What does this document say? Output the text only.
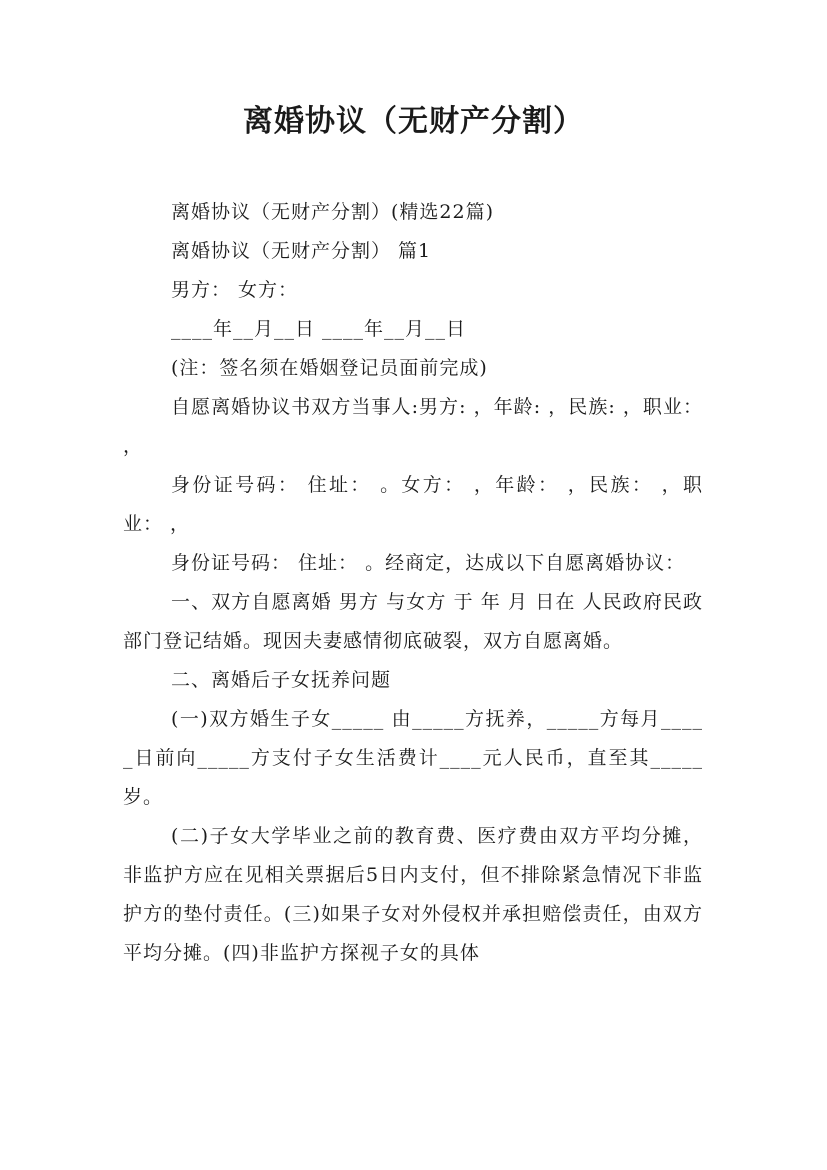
离婚协议（无财产分割）

离婚协议（无财产分割）(精选22篇)

离婚协议（无财产分割） 篇1

男方： 女方：

____年__月__日 ____年__月__日

(注：签名须在婚姻登记员面前完成)

自愿离婚协议书双方当事人:男方: ，年龄: ，民族: ，职业： ，

身份证号码： 住址： 。女方： ，年龄： ，民族： ，职业： ，

身份证号码： 住址： 。经商定，达成以下自愿离婚协议：

一、双方自愿离婚 男方 与女方 于 年 月 日在 人民政府民政部门登记结婚。现因夫妻感情彻底破裂，双方自愿离婚。

二、离婚后子女抚养问题

(一)双方婚生子女_____ 由_____方抚养，_____方每月_____日前向_____方支付子女生活费计____元人民币，直至其_____岁。

(二)子女大学毕业之前的教育费、医疗费由双方平均分摊，非监护方应在见相关票据后5日内支付，但不排除紧急情况下非监护方的垫付责任。(三)如果子女对外侵权并承担赔偿责任，由双方平均分摊。(四)非监护方探视子女的具体
